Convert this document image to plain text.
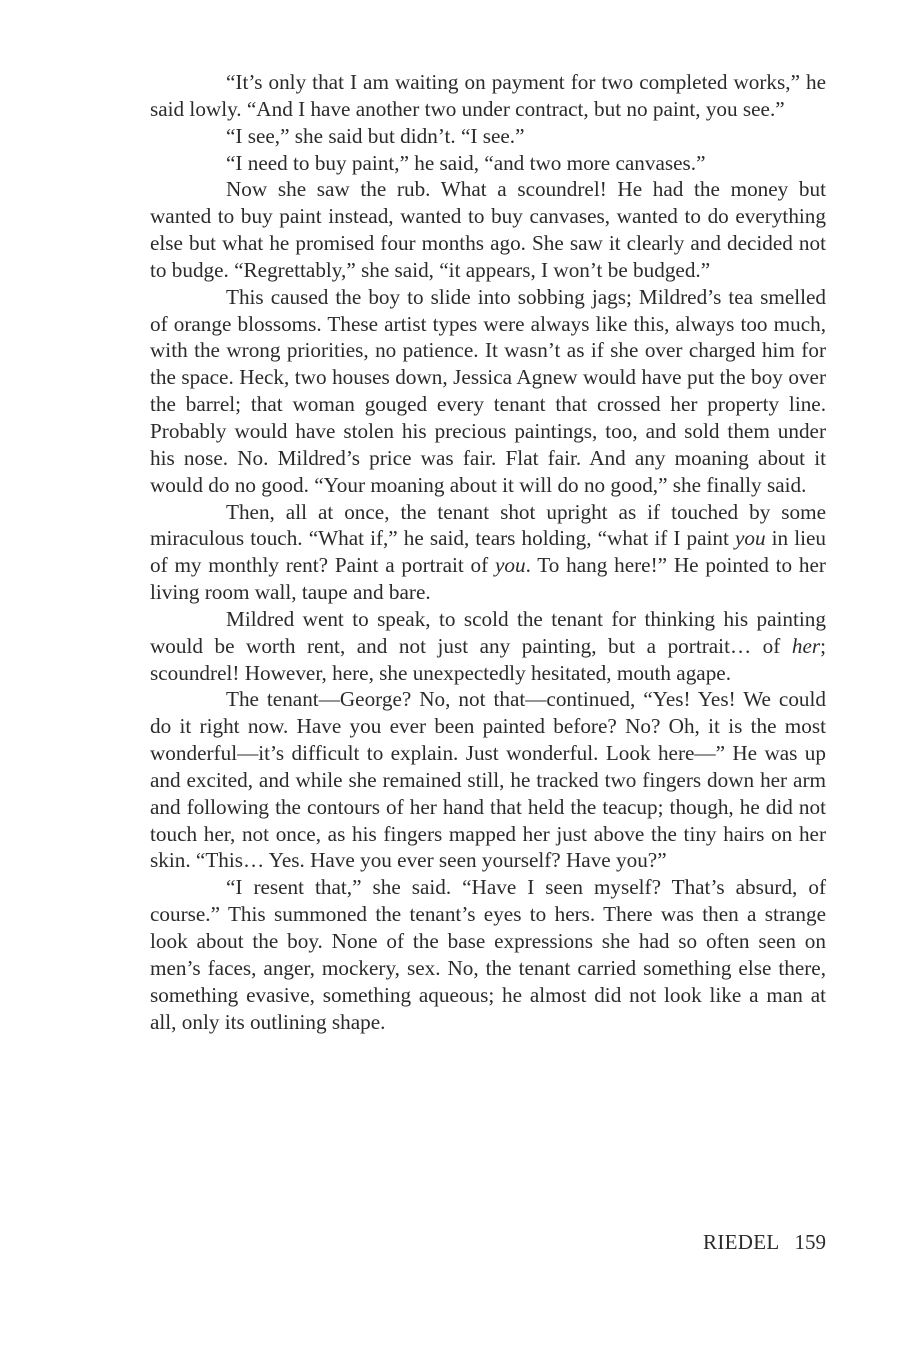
“It’s only that I am waiting on payment for two completed works,” he said lowly. “And I have another two under contract, but no paint, you see.”

“I see,” she said but didn’t. “I see.”

“I need to buy paint,” he said, “and two more canvases.”

Now she saw the rub. What a scoundrel! He had the money but wanted to buy paint instead, wanted to buy canvases, wanted to do everything else but what he promised four months ago. She saw it clearly and decided not to budge. “Regrettably,” she said, “it appears, I won’t be budged.”

This caused the boy to slide into sobbing jags; Mildred’s tea smelled of orange blossoms. These artist types were always like this, always too much, with the wrong priorities, no patience. It wasn’t as if she over charged him for the space. Heck, two houses down, Jessica Agnew would have put the boy over the barrel; that woman gouged every tenant that crossed her property line. Probably would have stolen his precious paintings, too, and sold them under his nose. No. Mildred’s price was fair. Flat fair. And any moaning about it would do no good. “Your moaning about it will do no good,” she finally said.

Then, all at once, the tenant shot upright as if touched by some miraculous touch. “What if,” he said, tears holding, “what if I paint you in lieu of my monthly rent? Paint a portrait of you. To hang here!” He pointed to her living room wall, taupe and bare.

Mildred went to speak, to scold the tenant for thinking his painting would be worth rent, and not just any painting, but a portrait… of her; scoundrel! However, here, she unexpectedly hesitated, mouth agape.

The tenant—George? No, not that—continued, “Yes! Yes! We could do it right now. Have you ever been painted before? No? Oh, it is the most wonderful—it’s difficult to explain. Just wonderful. Look here—” He was up and excited, and while she remained still, he tracked two fingers down her arm and following the contours of her hand that held the teacup; though, he did not touch her, not once, as his fingers mapped her just above the tiny hairs on her skin. “This… Yes. Have you ever seen yourself? Have you?”

“I resent that,” she said. “Have I seen myself? That’s absurd, of course.” This summoned the tenant’s eyes to hers. There was then a strange look about the boy. None of the base expressions she had so often seen on men’s faces, anger, mockery, sex. No, the tenant carried something else there, something evasive, something aqueous; he almost did not look like a man at all, only its outlining shape.

RIEDEL 159
